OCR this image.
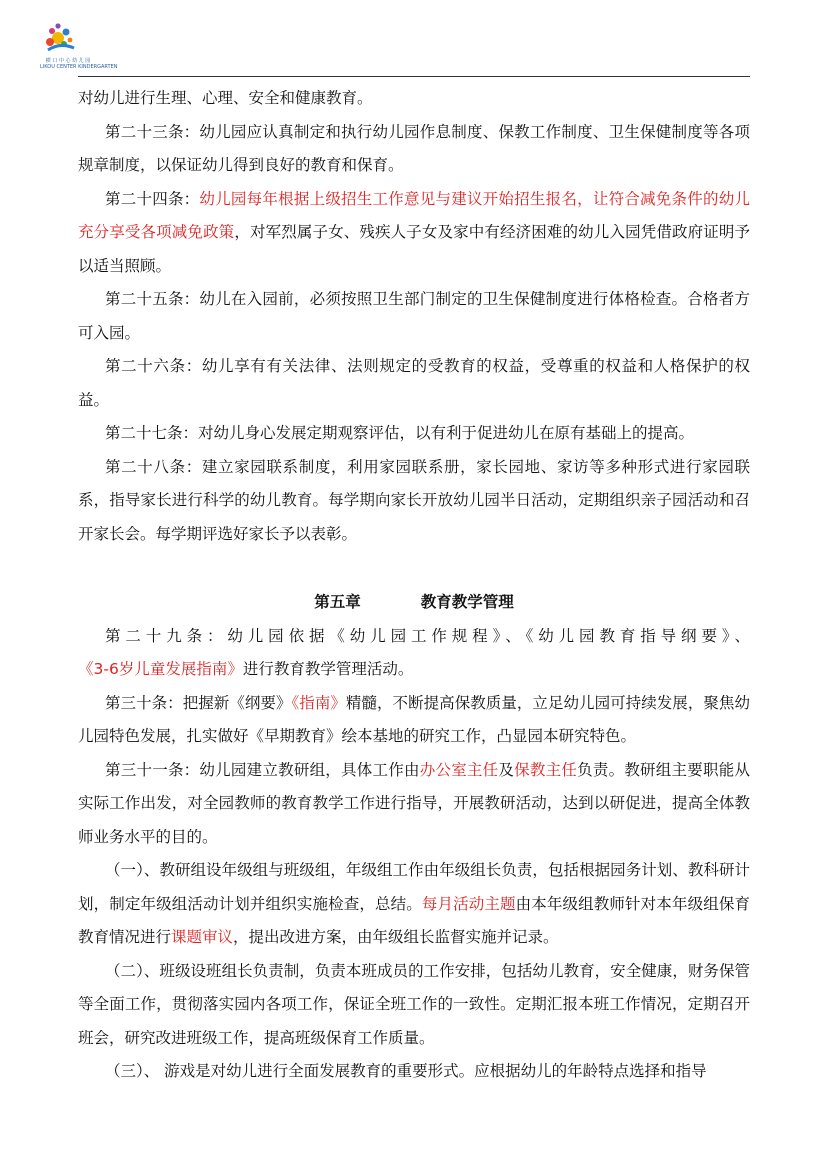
横 口 中 心 幼 儿 园
LIKOU CENTER KINDERGARTEN

对幼儿进行生理、心理、安全和健康教育。

第二十三条：幼儿园应认真制定和执行幼儿园作息制度、保教工作制度、卫生保健制度等各项规章制度，以保证幼儿得到良好的教育和保育。

第二十四条：幼儿园每年根据上级招生工作意见与建议开始招生报名，让符合减免条件的幼儿充分享受各项减免政策，对军烈属子女、残疾人子女及家中有经济困难的幼儿入园凭借政府证明予以适当照顾。

第二十五条：幼儿在入园前，必须按照卫生部门制定的卫生保健制度进行体格检查。合格者方可入园。

第二十六条：幼儿享有有关法律、法则规定的受教育的权益，受尊重的权益和人格保护的权益。

第二十七条：对幼儿身心发展定期观察评估，以有利于促进幼儿在原有基础上的提高。

第二十八条：建立家园联系制度，利用家园联系册，家长园地、家访等多种形式进行家园联系，指导家长进行科学的幼儿教育。每学期向家长开放幼儿园半日活动，定期组织亲子园活动和召开家长会。每学期评选好家长予以表彰。

第五章	教育教学管理

第二十九条：幼儿园依据《幼儿园工作规程》、《幼儿园教育指导纲要》、《3-6岁儿童发展指南》进行教育教学管理活动。

第三十条：把握新《纲要》《指南》精髓，不断提高保教质量，立足幼儿园可持续发展，聚焦幼儿园特色发展，扎实做好《早期教育》绘本基地的研究工作，凸显园本研究特色。

第三十一条：幼儿园建立教研组，具体工作由办公室主任及保教主任负责。教研组主要职能从实际工作出发，对全园教师的教育教学工作进行指导，开展教研活动，达到以研促进，提高全体教师业务水平的目的。

（一）、教研组设年级组与班级组，年级组工作由年级组长负责，包括根据园务计划、教科研计划，制定年级组活动计划并组织实施检查，总结。每月活动主题由本年级组教师针对本年级组保育教育情况进行课题审议，提出改进方案，由年级组长监督实施并记录。

（二）、班级设班组长负责制，负责本班成员的工作安排，包括幼儿教育，安全健康，财务保管等全面工作，贯彻落实园内各项工作，保证全班工作的一致性。定期汇报本班工作情况，定期召开班会，研究改进班级工作，提高班级保育工作质量。

（三）、 游戏是对幼儿进行全面发展教育的重要形式。应根据幼儿的年龄特点选择和指导
